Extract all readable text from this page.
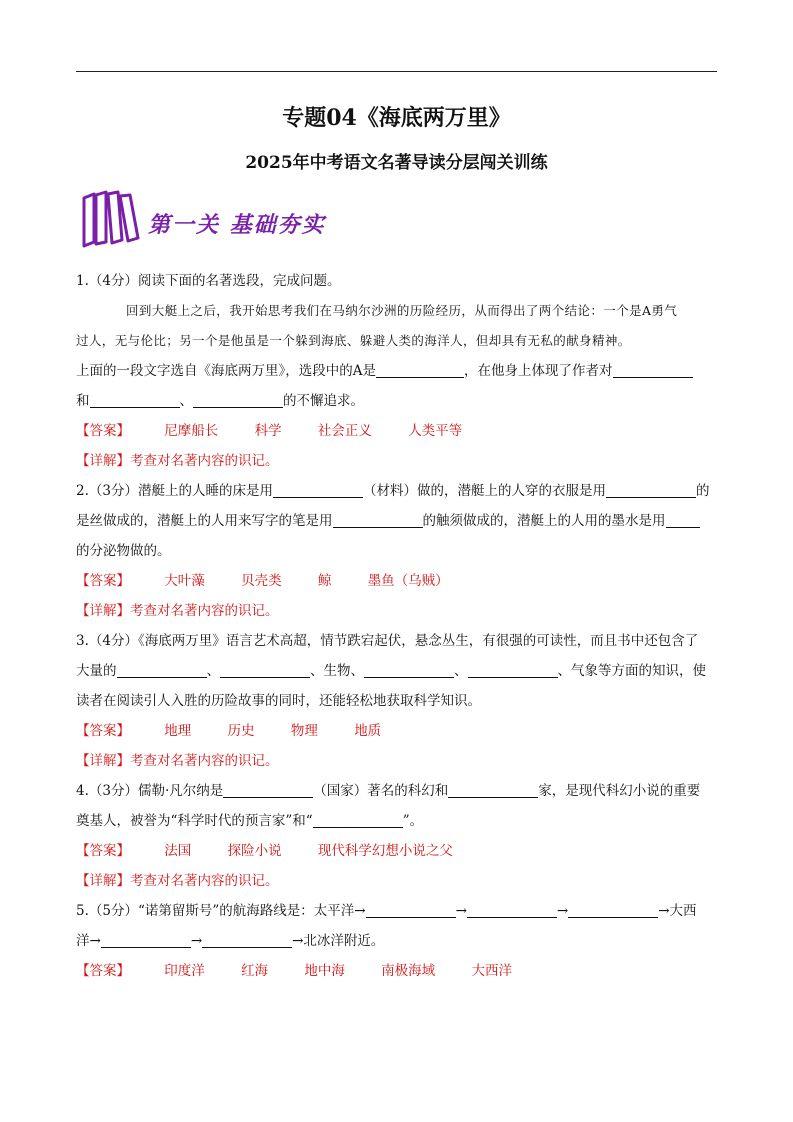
专题04《海底两万里》
2025年中考语文名著导读分层闯关训练
第一关 基础夯实
1.（4分）阅读下面的名著选段，完成问题。
回到大艇上之后，我开始思考我们在马纳尔沙洲的历险经历，从而得出了两个结论：一个是A勇气
过人，无与伦比；另一个是他虽是一个躲到海底、躲避人类的海洋人，但却具有无私的献身精神。
上面的一段文字选自《海底两万里》，选段中的A是	，在他身上体现了作者对
和	、	的不懈追求。
【答案】	尼摩船长	科学	社会正义	人类平等
【详解】考查对名著内容的识记。
2.（3分）潜艇上的人睡的床是用	（材料）做的，潜艇上的人穿的衣服是用	的
是丝做成的，潜艇上的人用来写字的笔是用	的触须做成的，潜艇上的人用的墨水是用
的分泌物做的。
【答案】	大叶藻	贝壳类	鲸	墨鱼（乌贼）
【详解】考查对名著内容的识记。
3.（4分）《海底两万里》语言艺术高超，情节跌宕起伏，悬念丛生，有很强的可读性，而且书中还包含了
大量的	、	、生物、	、	、气象等方面的知识，使
读者在阅读引人入胜的历险故事的同时，还能轻松地获取科学知识。
【答案】	地理	历史	物理	地质
【详解】考查对名著内容的识记。
4.（3分）儒勒·凡尔纳是	（国家）著名的科幻和	家，是现代科幻小说的重要
奠基人，被誉为“科学时代的预言家”和“	”。
【答案】	法国	探险小说	现代科学幻想小说之父
【详解】考查对名著内容的识记。
5.（5分）“诺第留斯号”的航海路线是：太平洋→	→	→	→大西
洋→	→	→北冰洋附近。
【答案】	印度洋	红海	地中海	南极海域	大西洋
